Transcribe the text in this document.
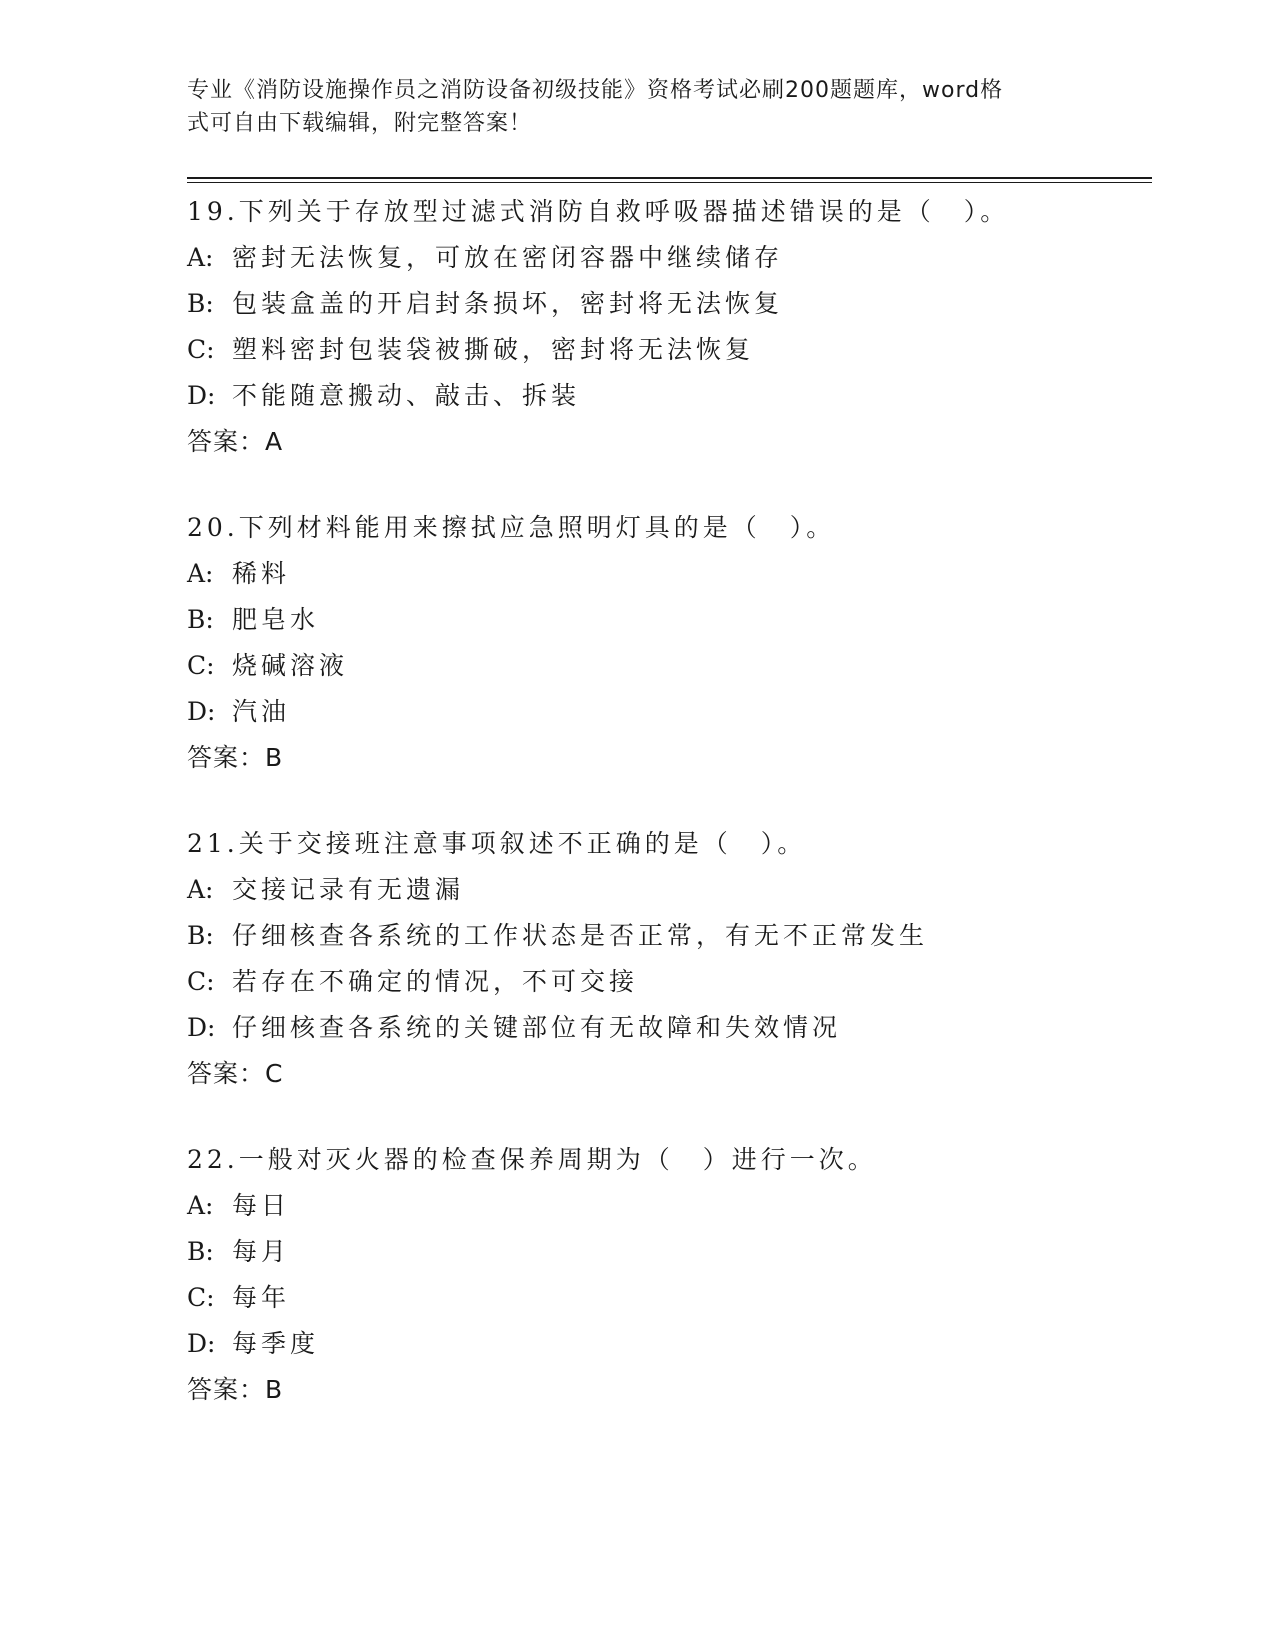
专业《消防设施操作员之消防设备初级技能》资格考试必刷200题题库，word格
式可自由下载编辑，附完整答案！
19.下列关于存放型过滤式消防自救呼吸器描述错误的是（　）。
A: 密封无法恢复，可放在密闭容器中继续储存
B: 包装盒盖的开启封条损坏，密封将无法恢复
C: 塑料密封包装袋被撕破，密封将无法恢复
D: 不能随意搬动、敲击、拆装
答案：A
20.下列材料能用来擦拭应急照明灯具的是（　）。
A: 稀料
B: 肥皂水
C: 烧碱溶液
D: 汽油
答案：B
21.关于交接班注意事项叙述不正确的是（　）。
A: 交接记录有无遗漏
B: 仔细核查各系统的工作状态是否正常，有无不正常发生
C: 若存在不确定的情况，不可交接
D: 仔细核查各系统的关键部位有无故障和失效情况
答案：C
22.一般对灭火器的检查保养周期为（　）进行一次。
A: 每日
B: 每月
C: 每年
D: 每季度
答案：B
